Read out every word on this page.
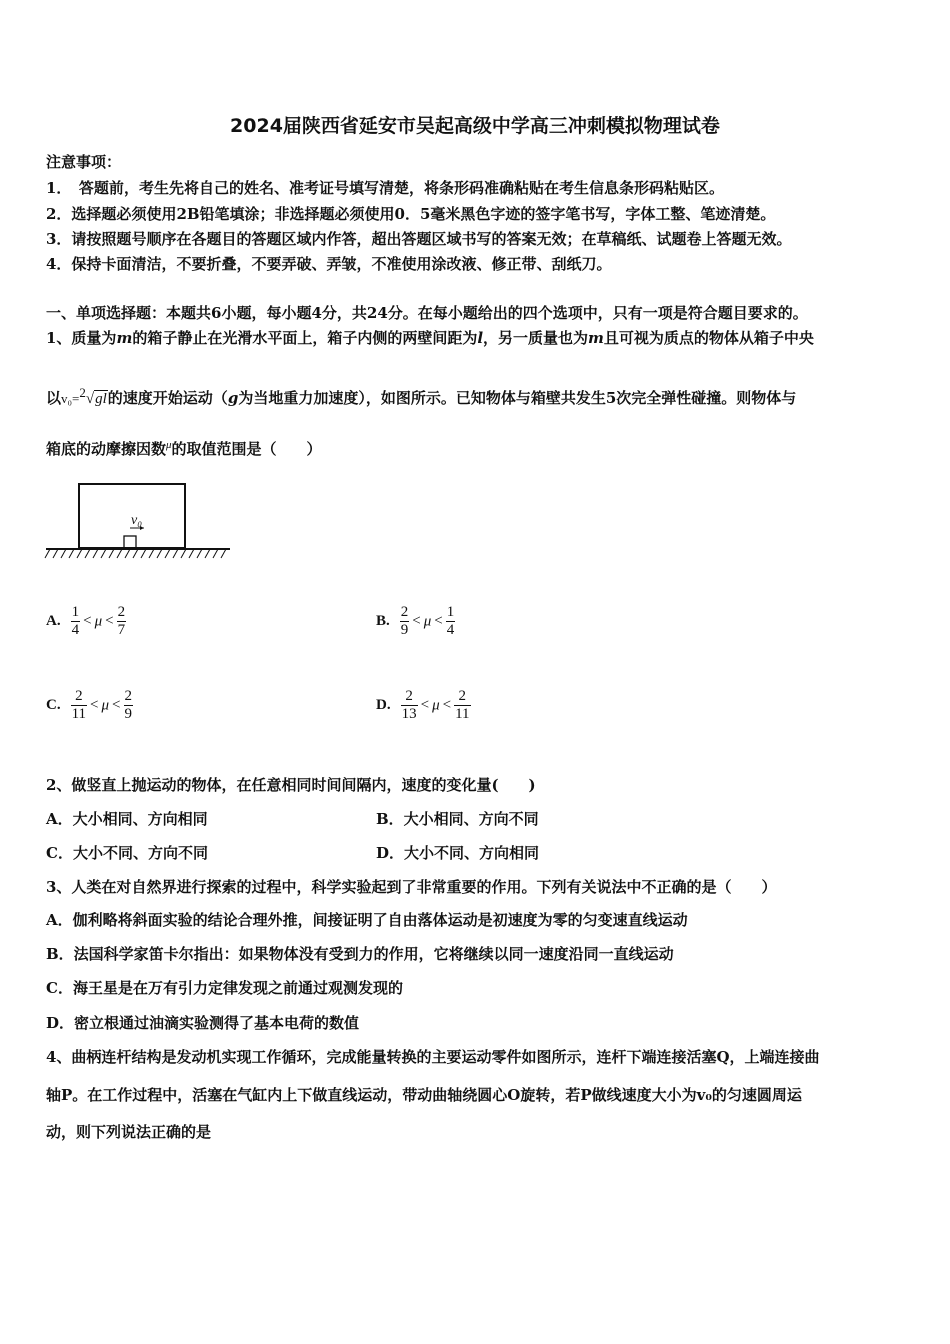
2024届陕西省延安市吴起高级中学高三冲刺模拟物理试卷
注意事项：
1．　答题前，考生先将自己的姓名、准考证号填写清楚，将条形码准确粘贴在考生信息条形码粘贴区。
2．选择题必须使用2B铅笔填涂；非选择题必须使用0．5毫米黑色字迹的签字笔书写，字体工整、笔迹清楚。
3．请按照题号顺序在各题目的答题区域内作答，超出答题区域书写的答案无效；在草稿纸、试题卷上答题无效。
4．保持卡面清洁，不要折叠，不要弄破、弄皱，不准使用涂改液、修正带、刮纸刀。
一、单项选择题：本题共6小题，每小题4分，共24分。在每小题给出的四个选项中，只有一项是符合题目要求的。
1、质量为m的箱子静止在光滑水平面上，箱子内侧的两壁间距为l，另一质量也为m且可视为质点的物体从箱子中央
以v₀=2√gl的速度开始运动（g为当地重力加速度），如图所示。已知物体与箱壁共发生5次完全弹性碰撞。则物体与
箱底的动摩擦因数$^\mu$的取值范围是（　　）
v₀
A. $\frac{1}{4} < \mu < \frac{2}{7}$	B. $\frac{2}{9} < \mu < \frac{1}{4}$
C. $\frac{2}{11} < \mu < \frac{2}{9}$	D. $\frac{2}{13} < \mu < \frac{2}{11}$
2、做竖直上抛运动的物体，在任意相同时间间隔内，速度的变化量(　　)
A．大小相同、方向相同	B．大小相同、方向不同
C．大小不同、方向不同	D．大小不同、方向相同
3、人类在对自然界进行探索的过程中，科学实验起到了非常重要的作用。下列有关说法中不正确的是（　　）
A．伽利略将斜面实验的结论合理外推，间接证明了自由落体运动是初速度为零的匀变速直线运动
B．法国科学家笛卡尔指出：如果物体没有受到力的作用，它将继续以同一速度沿同一直线运动
C．海王星是在万有引力定律发现之前通过观测发现的
D．密立根通过油滴实验测得了基本电荷的数值
4、曲柄连杆结构是发动机实现工作循环，完成能量转换的主要运动零件如图所示，连杆下端连接活塞Q，上端连接曲
轴P。在工作过程中，活塞在气缸内上下做直线运动，带动曲轴绕圆心O旋转，若P做线速度大小为v₀的匀速圆周运
动，则下列说法正确的是
